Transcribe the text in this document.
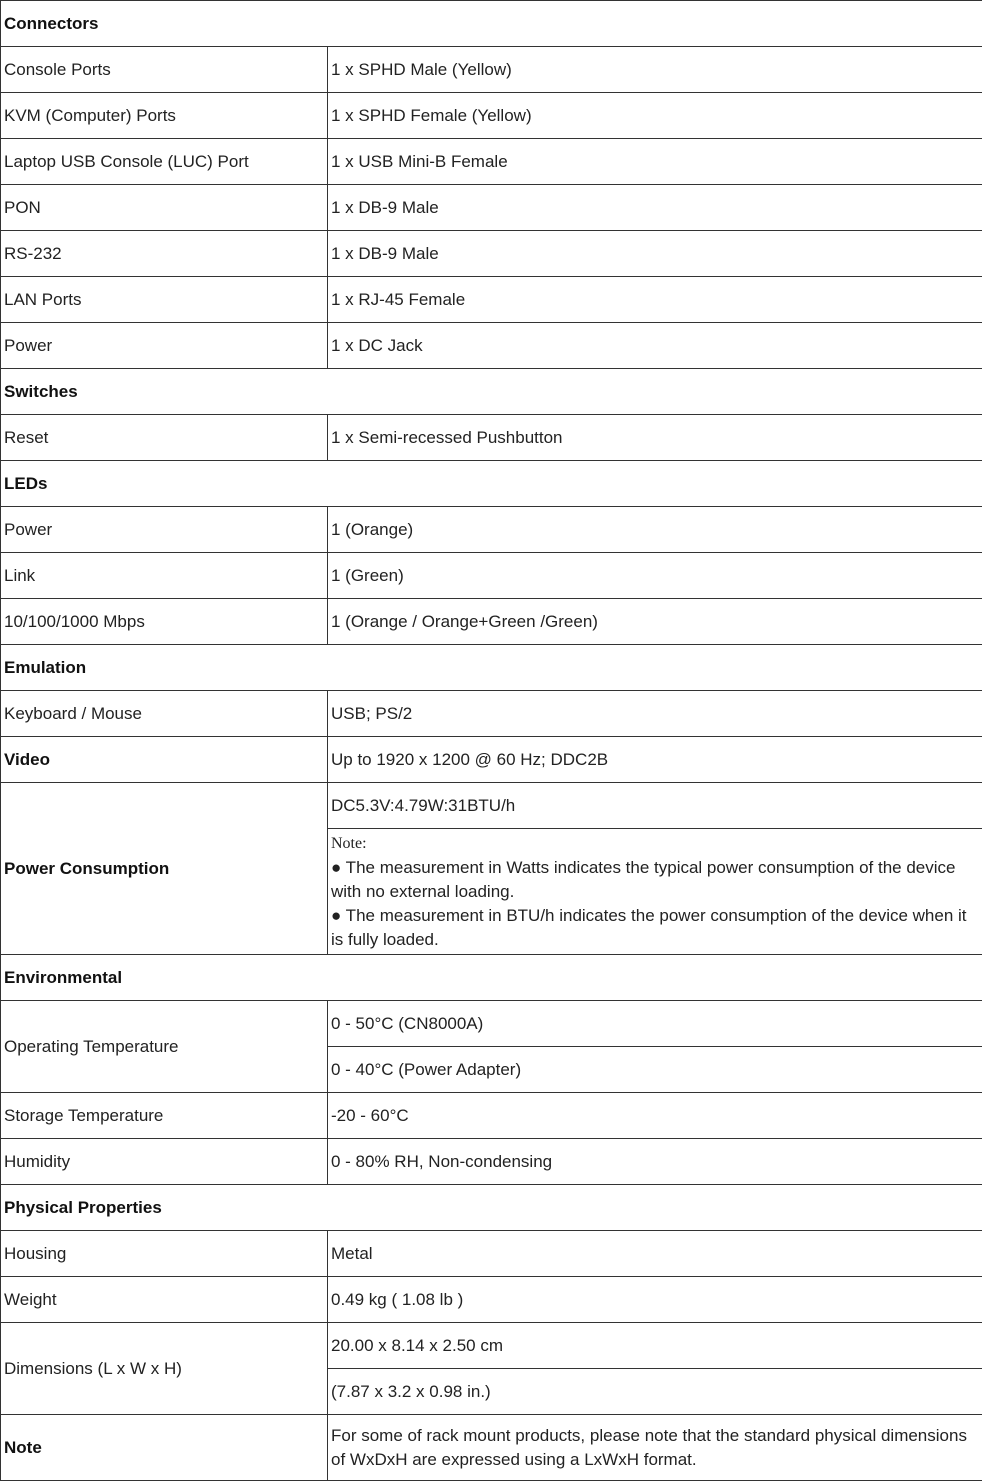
Connectors	
Console Ports	1 x SPHD Male (Yellow)
KVM (Computer) Ports	1 x SPHD Female (Yellow)
Laptop USB Console (LUC) Port	1 x USB Mini-B Female
PON	1 x DB-9 Male
RS-232	1 x DB-9 Male
LAN Ports	1 x RJ-45 Female
Power	1 x DC Jack
Switches	
Reset	1 x Semi-recessed Pushbutton
LEDs	
Power	1 (Orange)
Link	1 (Green)
10/100/1000 Mbps	1 (Orange / Orange+Green /Green)
Emulation	
Keyboard / Mouse	USB; PS/2
Video	Up to 1920 x 1200 @ 60 Hz; DDC2B
Power Consumption	DC5.3V:4.79W:31BTU/h

	Note:
● The measurement in Watts indicates the typical power consumption of the device with no external loading.
● The measurement in BTU/h indicates the power consumption of the device when it is fully loaded.

Environmental	
Operating Temperature	0 - 50°C (CN8000A)
	0 - 40°C (Power Adapter)
Storage Temperature	-20 - 60°C
Humidity	0 - 80% RH, Non-condensing
Physical Properties	
Housing	Metal
Weight	0.49 kg ( 1.08 lb )
Dimensions (L x W x H)	20.00 x 8.14 x 2.50 cm
	(7.87 x 3.2 x 0.98 in.)
Note	For some of rack mount products, please note that the standard physical dimensions of WxDxH are expressed using a LxWxH format.
